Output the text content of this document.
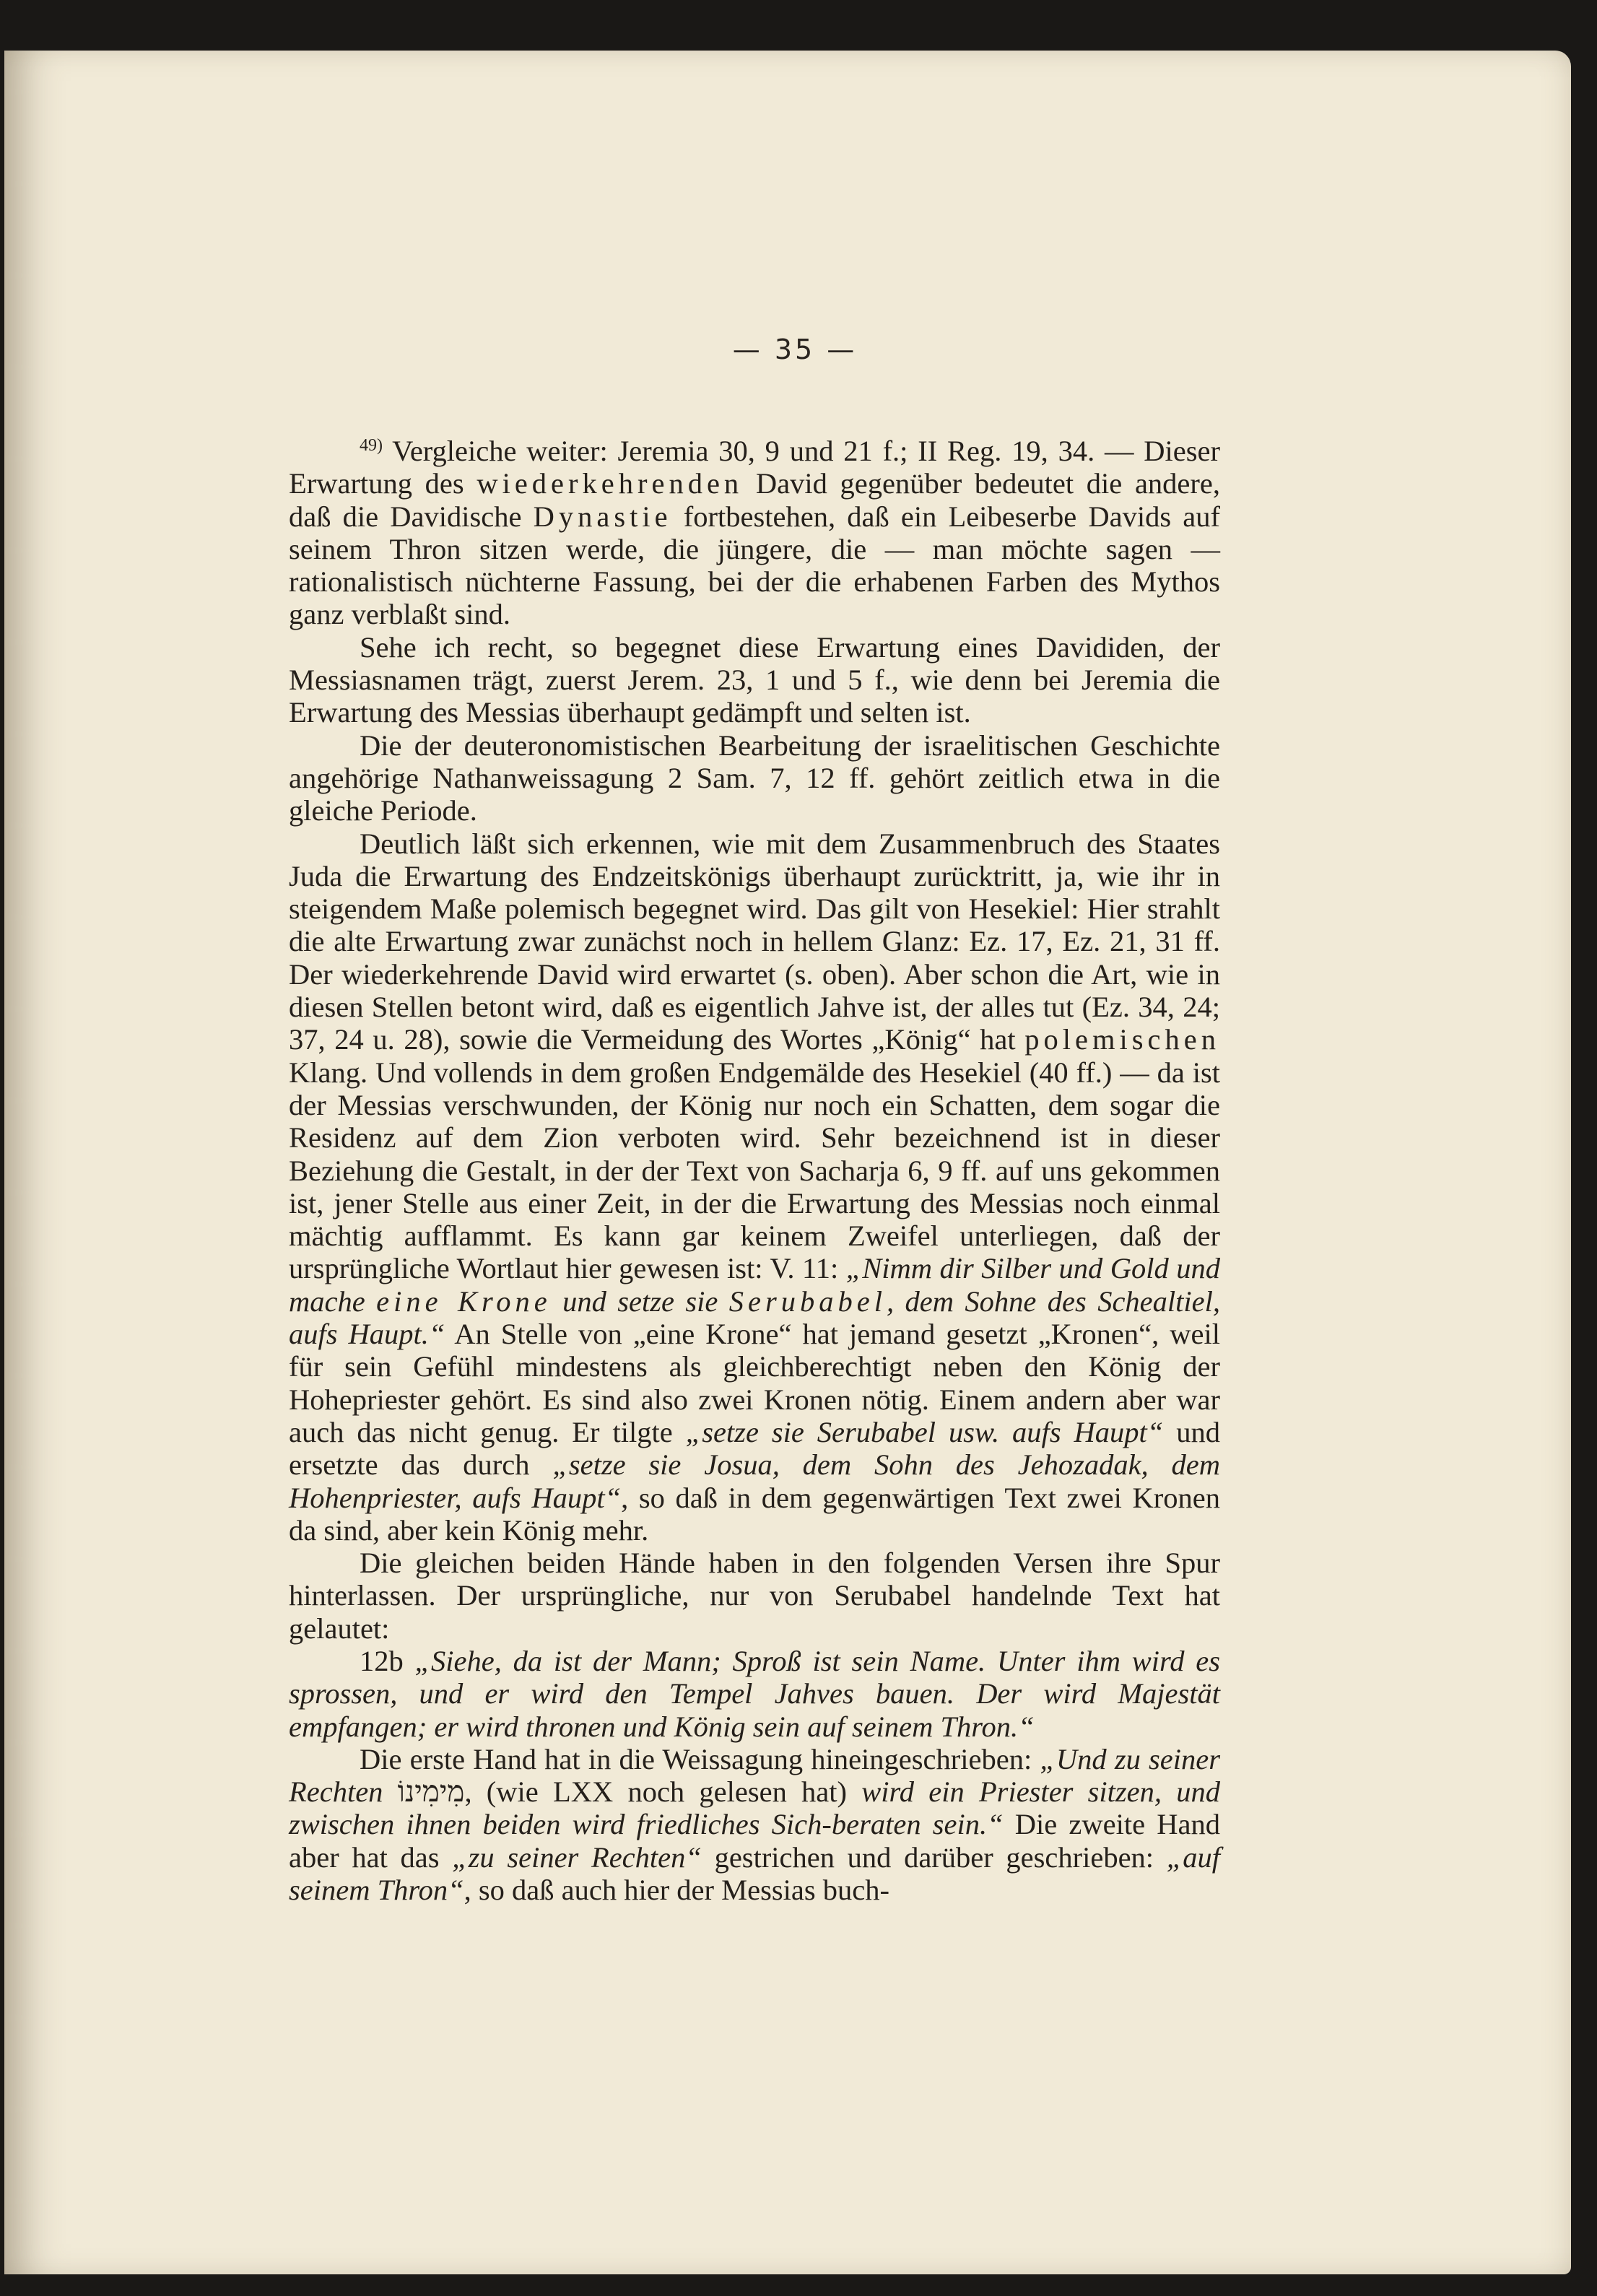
— 35 —

$^{49)}$ Vergleiche weiter: Jeremia 30, 9 und 21 f.; II Reg. 19, 34. — Dieser Erwartung des wiederkehrenden David gegenüber bedeutet die andere, daß die Davidische Dynastie fortbestehen, daß ein Leibeserbe Davids auf seinem Thron sitzen werde, die jüngere, die — man möchte sagen — rationalistisch nüchterne Fassung, bei der die erhabenen Farben des Mythos ganz verblaßt sind.

Sehe ich recht, so begegnet diese Erwartung eines Davididen, der Messiasnamen trägt, zuerst Jerem. 23, 1 und 5 f., wie denn bei Jeremia die Erwartung des Messias überhaupt gedämpft und selten ist.

Die der deuteronomistischen Bearbeitung der israelitischen Geschichte angehörige Nathanweissagung 2 Sam. 7, 12 ff. gehört zeitlich etwa in die gleiche Periode.

Deutlich läßt sich erkennen, wie mit dem Zusammenbruch des Staates Juda die Erwartung des Endzeitskönigs überhaupt zurücktritt, ja, wie ihr in steigendem Maße polemisch begegnet wird. Das gilt von Hesekiel: Hier strahlt die alte Erwartung zwar zunächst noch in hellem Glanz: Ez. 17, Ez. 21, 31 ff. Der wiederkehrende David wird erwartet (s. oben). Aber schon die Art, wie in diesen Stellen betont wird, daß es eigentlich Jahve ist, der alles tut (Ez. 34, 24; 37, 24 u. 28), sowie die Vermeidung des Wortes „König“ hat polemischen Klang. Und vollends in dem großen Endgemälde des Hesekiel (40 ff.) — da ist der Messias verschwunden, der König nur noch ein Schatten, dem sogar die Residenz auf dem Zion verboten wird. Sehr bezeichnend ist in dieser Beziehung die Gestalt, in der der Text von Sacharja 6, 9 ff. auf uns gekommen ist, jener Stelle aus einer Zeit, in der die Erwartung des Messias noch einmal mächtig aufflammt. Es kann gar keinem Zweifel unterliegen, daß der ursprüngliche Wortlaut hier gewesen ist: V. 11: „Nimm dir Silber und Gold und mache eine Krone und setze sie Serubabel, dem Sohne des Schealtiel, aufs Haupt.“ An Stelle von „eine Krone“ hat jemand gesetzt „Kronen“, weil für sein Gefühl mindestens als gleichberechtigt neben den König der Hohepriester gehört. Es sind also zwei Kronen nötig. Einem andern aber war auch das nicht genug. Er tilgte „setze sie Serubabel usw. aufs Haupt“ und ersetzte das durch „setze sie Josua, dem Sohn des Jehozadak, dem Hohenpriester, aufs Haupt“, so daß in dem gegenwärtigen Text zwei Kronen da sind, aber kein König mehr.

Die gleichen beiden Hände haben in den folgenden Versen ihre Spur hinterlassen. Der ursprüngliche, nur von Serubabel handelnde Text hat gelautet:

12b „Siehe, da ist der Mann; Sproß ist sein Name. Unter ihm wird es sprossen, und er wird den Tempel Jahves bauen. Der wird Majestät empfangen; er wird thronen und König sein auf seinem Thron.“

Die erste Hand hat in die Weissagung hineingeschrieben: „Und zu seiner Rechten מִימִינוֹ, (wie LXX noch gelesen hat) wird ein Priester sitzen, und zwischen ihnen beiden wird friedliches Sich-beraten sein.“ Die zweite Hand aber hat das „zu seiner Rechten“ gestrichen und darüber geschrieben: „auf seinem Thron“, so daß auch hier der Messias buch-
